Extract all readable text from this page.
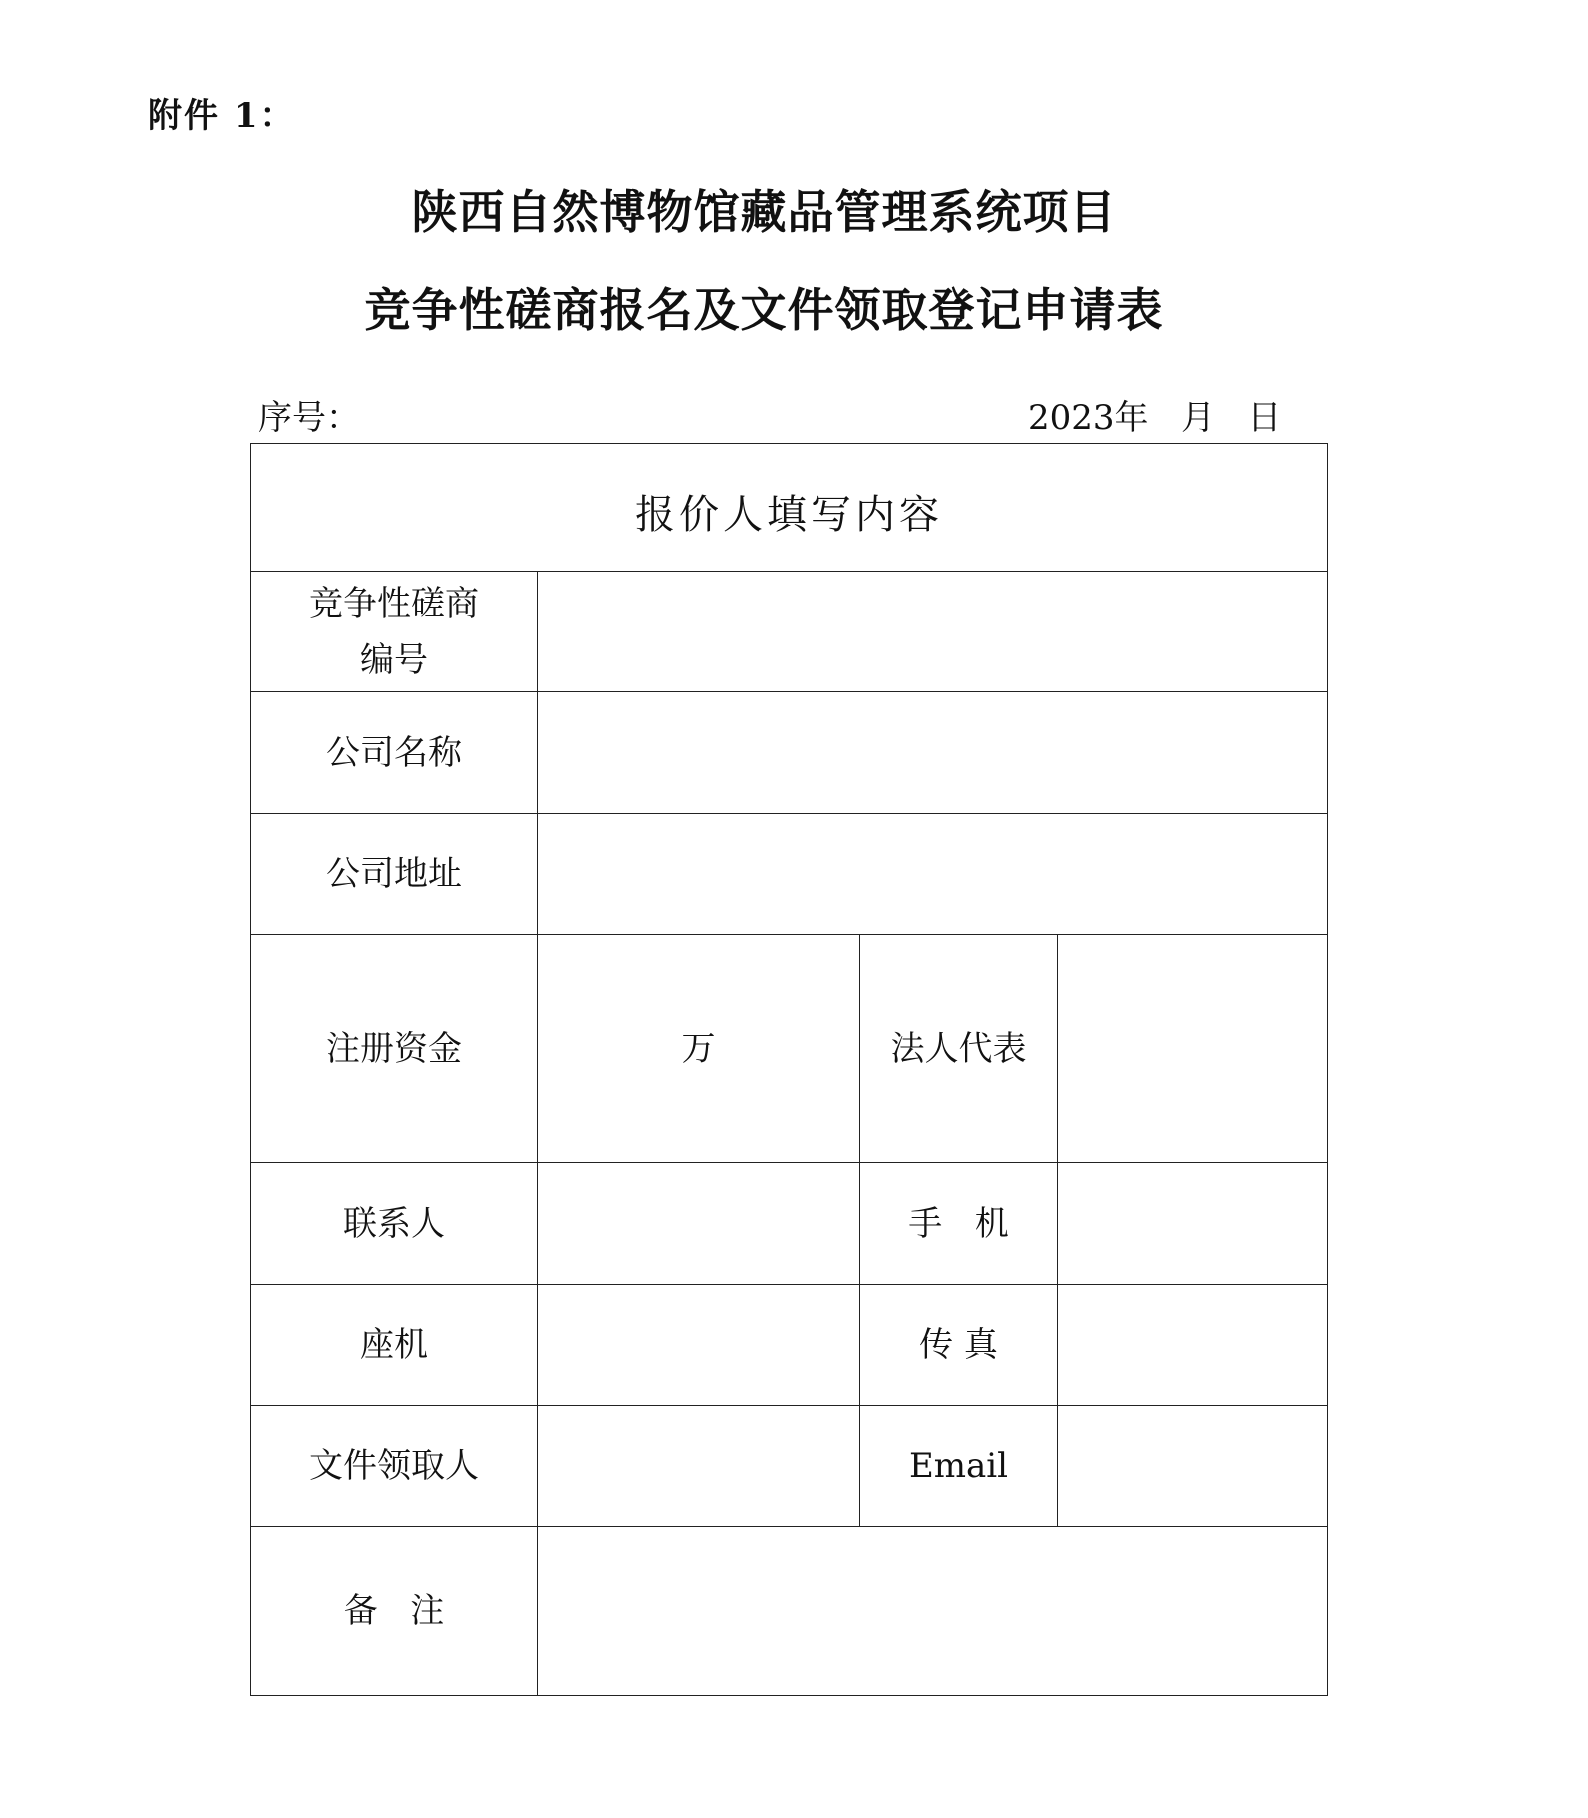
附件 1：
陕西自然博物馆藏品管理系统项目
竞争性磋商报名及文件领取登记申请表
序号：	2023年   月   日
报价人填写内容			

竞争性磋商
编号			

公司名称			
公司地址			
注册资金	万	法人代表	
联系人		手   机	
座机		传 真	
文件领取人		Email	
备   注			
